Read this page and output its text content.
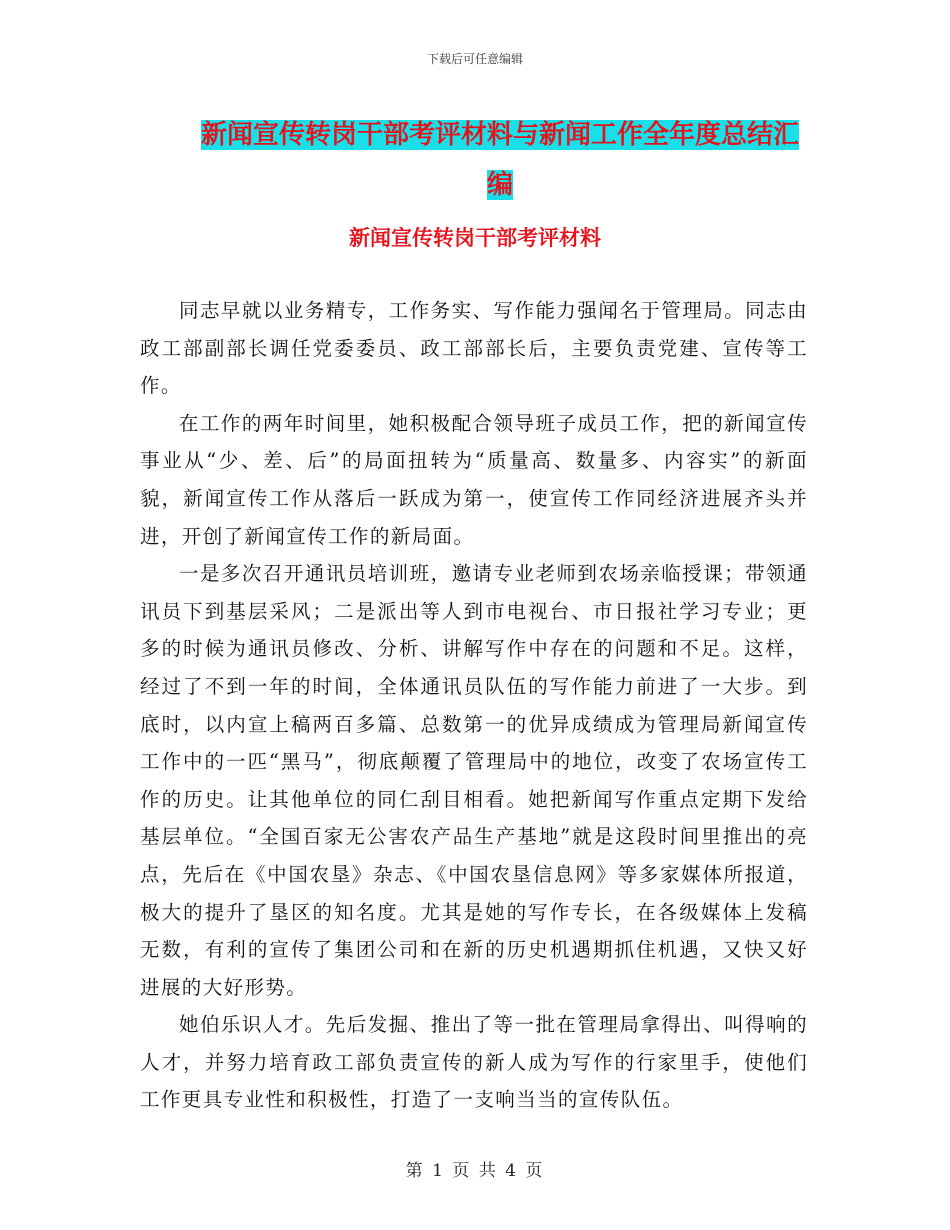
下载后可任意编辑
新闻宣传转岗干部考评材料与新闻工作全年度总结汇
编
新闻宣传转岗干部考评材料

同志早就以业务精专，工作务实、写作能力强闻名于管理局。同志由政工部副部长调任党委委员、政工部部长后，主要负责党建、宣传等工作。

在工作的两年时间里，她积极配合领导班子成员工作，把的新闻宣传事业从“少、差、后”的局面扭转为“质量高、数量多、内容实”的新面貌，新闻宣传工作从落后一跃成为第一，使宣传工作同经济进展齐头并进，开创了新闻宣传工作的新局面。

一是多次召开通讯员培训班，邀请专业老师到农场亲临授课；带领通讯员下到基层采风；二是派出等人到市电视台、市日报社学习专业；更多的时候为通讯员修改、分析、讲解写作中存在的问题和不足。这样，经过了不到一年的时间，全体通讯员队伍的写作能力前进了一大步。到底时，以内宣上稿两百多篇、总数第一的优异成绩成为管理局新闻宣传工作中的一匹“黑马”，彻底颠覆了管理局中的地位，改变了农场宣传工作的历史。让其他单位的同仁刮目相看。她把新闻写作重点定期下发给基层单位。“全国百家无公害农产品生产基地”就是这段时间里推出的亮点，先后在《中国农垦》杂志、《中国农垦信息网》等多家媒体所报道，极大的提升了垦区的知名度。尤其是她的写作专长，在各级媒体上发稿无数，有利的宣传了集团公司和在新的历史机遇期抓住机遇，又快又好进展的大好形势。

她伯乐识人才。先后发掘、推出了等一批在管理局拿得出、叫得响的人才，并努力培育政工部负责宣传的新人成为写作的行家里手，使他们工作更具专业性和积极性，打造了一支响当当的宣传队伍。

第 1 页 共 4 页
